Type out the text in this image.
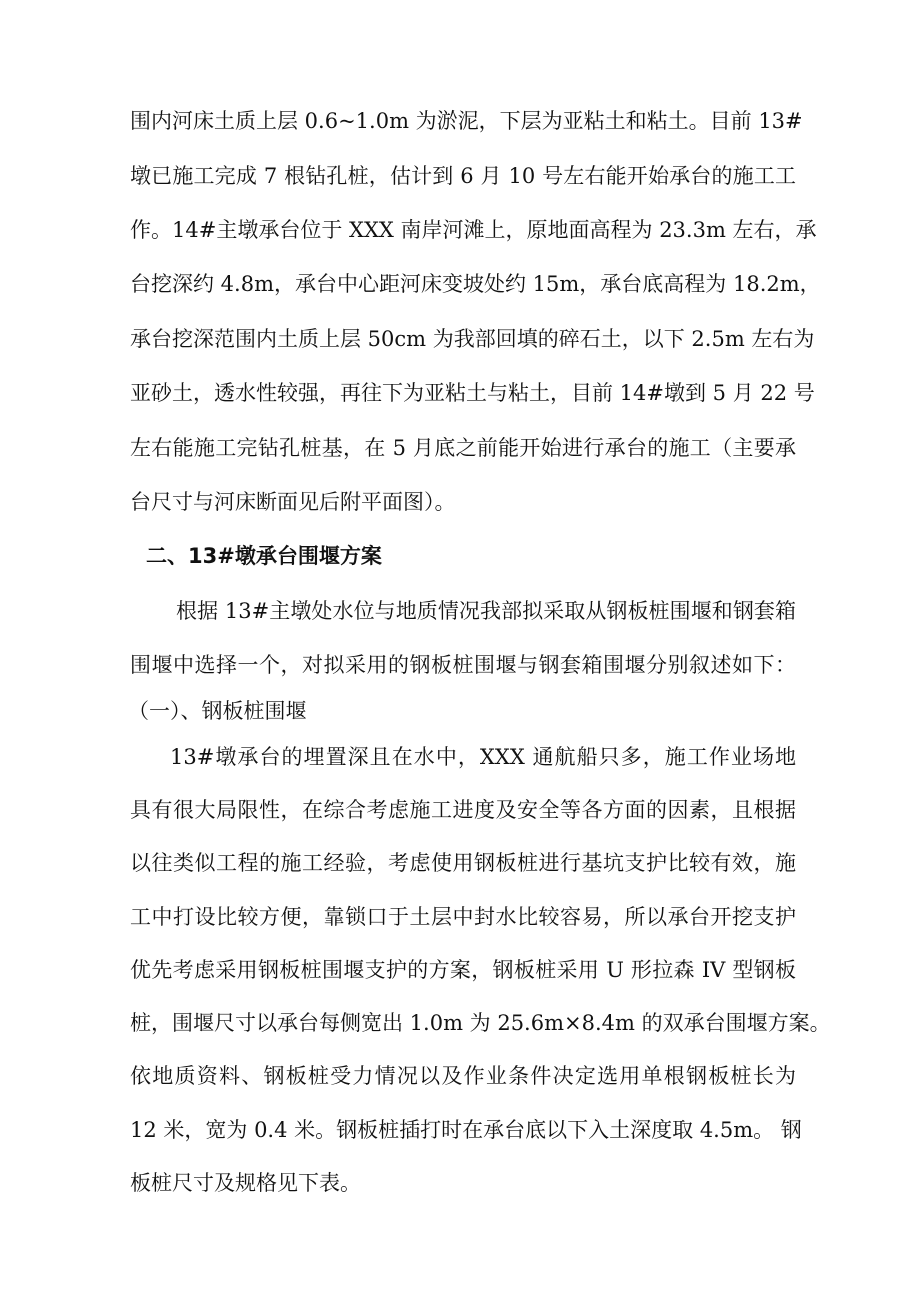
围内河床土质上层 0.6~1.0m 为淤泥，下层为亚粘土和粘土。目前 13#
墩已施工完成 7 根钻孔桩，估计到 6 月 10 号左右能开始承台的施工工
作。14#主墩承台位于 XXX 南岸河滩上，原地面高程为 23.3m 左右，承
台挖深约 4.8m，承台中心距河床变坡处约 15m，承台底高程为 18.2m，
承台挖深范围内土质上层 50cm 为我部回填的碎石土，以下 2.5m 左右为
亚砂土，透水性较强，再往下为亚粘土与粘土，目前 14#墩到 5 月 22 号
左右能施工完钻孔桩基，在 5 月底之前能开始进行承台的施工（主要承
台尺寸与河床断面见后附平面图）。
二、13#墩承台围堰方案
根据 13#主墩处水位与地质情况我部拟采取从钢板桩围堰和钢套箱
围堰中选择一个，对拟采用的钢板桩围堰与钢套箱围堰分别叙述如下：
（一）、钢板桩围堰
13#墩承台的埋置深且在水中，XXX 通航船只多，施工作业场地
具有很大局限性，在综合考虑施工进度及安全等各方面的因素，且根据
以往类似工程的施工经验，考虑使用钢板桩进行基坑支护比较有效，施
工中打设比较方便，靠锁口于土层中封水比较容易，所以承台开挖支护
优先考虑采用钢板桩围堰支护的方案，钢板桩采用 U 形拉森 IV 型钢板
桩，围堰尺寸以承台每侧宽出 1.0m 为 25.6m×8.4m 的双承台围堰方案。
依地质资料、钢板桩受力情况以及作业条件决定选用单根钢板桩长为
12 米，宽为 0.4 米。钢板桩插打时在承台底以下入土深度取 4.5m。 钢
板桩尺寸及规格见下表。
